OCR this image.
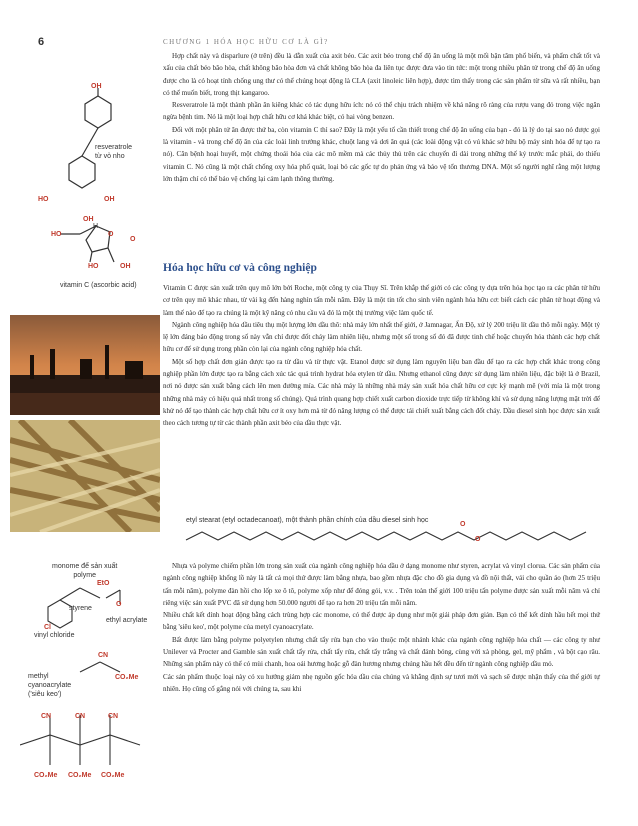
6	CHƯƠNG 1 HÓA HỌC HỮU CƠ LÀ GÌ?

Hợp chất này và disparlure (ở trên) đều là dẫn xuất của axit béo. Các axit béo trong chế độ ăn uống là một mối bận tâm phổ biến, và phẩm chất tốt và xấu của chất béo bão hòa, chất không bão hòa đơn và chất không bão hòa đa liên tục được đưa vào tin tức: một trong nhiều phân tử trong chế độ ăn uống được cho là có hoạt tính chống ung thư có thể chúng hoạt động là CLA (axit linoleic liên hợp), được tìm thấy trong các sản phẩm từ sữa và rất nhiều, bạn có thể muốn biết, trong thịt kangaroo.

Resveratrole là một thành phần ăn kiêng khác có tác dụng hữu ích: nó có thể chịu trách nhiệm về khả năng rõ ràng của rượu vang đỏ trong việc ngăn ngừa bệnh tim. Nó là một loại hợp chất hữu cơ khá khác biệt, có hai vòng benzen.

Đối với một phân tử ăn được thứ ba, còn vitamin C thì sao? Đây là một yếu tố cần thiết trong chế độ ăn uống của bạn - đó là lý do tại sao nó được gọi là vitamin - và trong chế độ ăn của các loài linh trưởng khác, chuột lang và dơi ăn quả (các loài động vật có vú khác sở hữu bộ máy sinh hóa để tự tạo ra nó). Căn bệnh hoại huyết, một chứng thoái hóa của các mô mềm mà các thủy thủ trên các chuyến đi dài trong những thế kỷ trước mắc phải, do thiếu vitamin C. Nó cũng là một chất chống oxy hóa phổ quát, loại bỏ các gốc tự do phản ứng và bảo vệ tổn thương DNA. Một số người nghĩ rằng một lượng lớn thậm chí có thể bảo vệ chống lại cảm lạnh thông thường.

Hóa học hữu cơ và công nghiệp

Vitamin C được sản xuất trên quy mô lớn bởi Roche, một công ty của Thụy Sĩ. Trên khắp thế giới có các công ty dựa trên hóa học tạo ra các phân tử hữu cơ trên quy mô khác nhau, từ vài kg đến hàng nghìn tấn mỗi năm. Đây là một tin tốt cho sinh viên ngành hóa hữu cơ: biết cách các phân tử hoạt động và làm thế nào để tạo ra chúng là một kỹ năng có nhu cầu và đó là một thị trường việc làm quốc tế.

Ngành công nghiệp hóa dầu tiêu thụ một lượng lớn dầu thô: nhà máy lớn nhất thế giới, ở Jamnagar, Ấn Độ, xử lý 200 triệu lít dầu thô mỗi ngày. Một tỷ lệ lớn đáng báo động trong số này vẫn chỉ được đốt cháy làm nhiên liệu, nhưng một số trong số đó đã được tinh chế hoặc chuyển hóa thành các hợp chất hữu cơ để sử dụng trong phần còn lại của ngành công nghiệp hóa chất.

Một số hợp chất đơn giản được tạo ra từ dầu và từ thực vật. Etanol được sử dụng làm nguyên liệu ban đầu để tạo ra các hợp chất khác trong công nghiệp phần lớn được tạo ra bằng cách xúc tác quá trình hydrat hóa etylen từ dầu. Nhưng ethanol cũng được sử dụng làm nhiên liệu, đặc biệt là ở Brazil, nơi nó được sản xuất bằng cách lên men đường mía. Các nhà máy là những nhà máy sản xuất hóa chất hữu cơ cực kỳ mạnh mẽ (với mía là một trong những nhà máy có hiệu quả nhất trong số chúng). Quá trình quang hợp chiết xuất carbon dioxide trực tiếp từ không khí và sử dụng năng lượng mặt trời để khử nó để tạo thành các hợp chất hữu cơ ít oxy hơn mà từ đó năng lượng có thể được tái chiết xuất bằng cách đốt cháy. Dầu diesel sinh học được sản xuất theo cách tương tự từ các thành phần axit béo của dầu thực vật.

Nhựa và polyme chiếm phần lớn trong sản xuất của ngành công nghiệp hóa dầu ở dạng monome như styren, acrylat và vinyl clorua. Các sản phẩm của ngành công nghiệp khổng lồ này là tất cả mọi thứ được làm bằng nhựa, bao gồm nhựa đặc cho đồ gia dụng và đồ nội thất, vải cho quần áo (hơn 25 triệu tấn mỗi năm), polyme đàn hồi cho lốp xe ô tô, polyme xốp như để đóng gói, v.v. . Trên toàn thế giới 100 triệu tấn polyme được sản xuất mỗi năm và chỉ riêng việc sản xuất PVC đã sử dụng hơn 50.000 người để tạo ra hơn 20 triệu tấn mỗi năm.

Nhiều chất kết dính hoạt động bằng cách trùng hợp các monome, có thể được áp dụng như một giải pháp đơn giản. Bạn có thể kết dính hầu hết mọi thứ bằng 'siêu keo', một polyme của metyl cyanoacrylate.

Bất được làm bằng polyme polyetylen nhưng chất tẩy rửa bạn cho vào thuộc một nhánh khác của ngành công nghiệp hóa chất — các công ty như Unilever và Procter and Gamble sản xuất chất tẩy rửa, chất tẩy rửa, chất tẩy trắng và chất đánh bóng, cùng với xà phòng, gel, mỹ phẩm , và bột cạo râu. Những sản phẩm này có thể có mùi chanh, hoa oải hương hoặc gỗ đàn hương nhưng chúng hầu hết đều đến từ ngành công nghiệp dầu mỏ.

Các sản phẩm thuộc loại này có xu hướng giảm nhẹ nguồn gốc hóa dầu của chúng và khẳng định sự tươi mới và sạch sẽ được nhận thấy của thế giới tự nhiên. Họ cũng cố gắng nói với chúng ta, sau khi

OH
resveratrole
từ vỏ nho
HO	OH
OH
H
HO	O
O
HO	OH
vitamin C (ascorbic acid)
etyl stearat (etyl octadecanoat), một thành phần chính của dầu diesel sinh học
O
O
monome để sản xuất
polyme
EtO
O
styrene
ethyl acrylate
Cl
vinyl chloride
CN
CO₂Me
methyl
cyanoacrylate
('siêu keo')
CN	CN	CN
CO₂Me CO₂Me CO₂Me
